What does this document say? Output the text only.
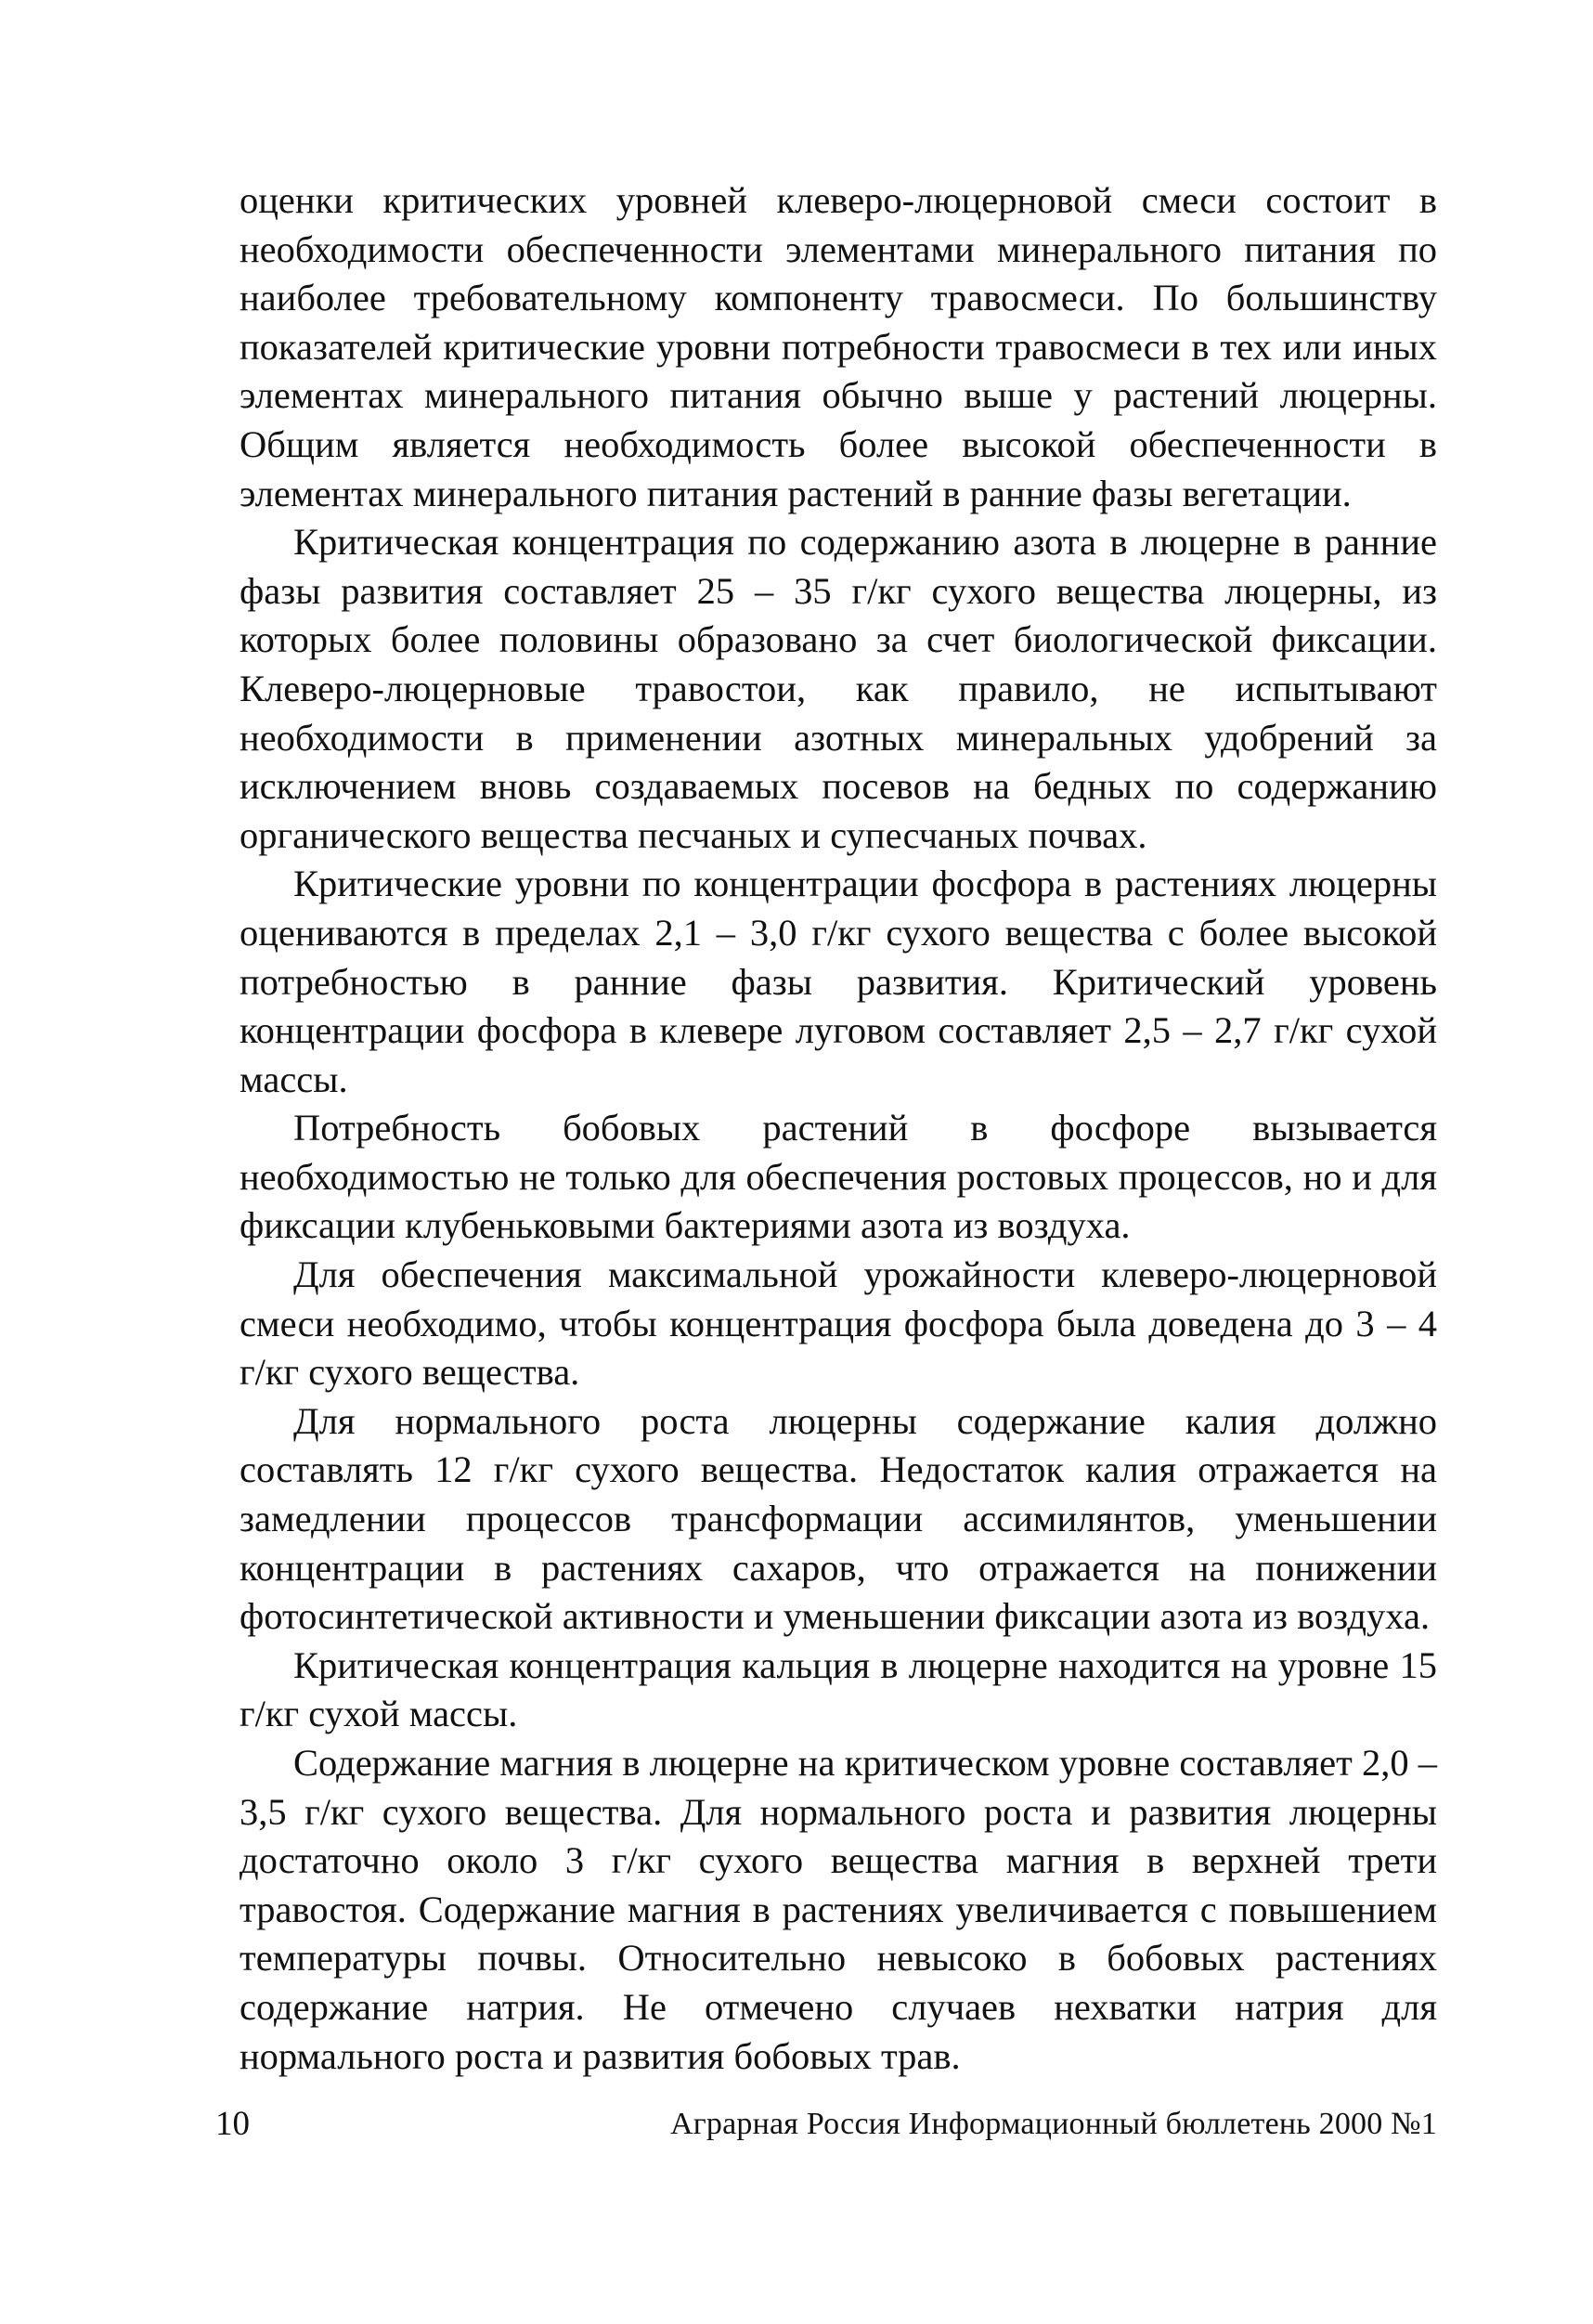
оценки критических уровней клеверо-люцерновой смеси состоит в необходимости обеспеченности элементами минерального питания по наиболее требовательному компоненту травосмеси. По большинству показателей критические уровни потребности травосмеси в тех или иных элементах минерального питания обычно выше у растений люцерны. Общим является необходимость более высокой обеспеченности в элементах минерального питания растений в ранние фазы вегетации.

Критическая концентрация по содержанию азота в люцерне в ранние фазы развития составляет 25 – 35 г/кг сухого вещества люцерны, из которых более половины образовано за счет биологической фиксации. Клеверо-люцерновые травостои, как правило, не испытывают необходимости в применении азотных минеральных удобрений за исключением вновь создаваемых посевов на бедных по содержанию органического вещества песчаных и супесчаных почвах.

Критические уровни по концентрации фосфора в растениях люцерны оцениваются в пределах 2,1 – 3,0 г/кг сухого вещества с более высокой потребностью в ранние фазы развития. Критический уровень концентрации фосфора в клевере луговом составляет 2,5 – 2,7 г/кг сухой массы.

Потребность бобовых растений в фосфоре вызывается необходимостью не только для обеспечения ростовых процессов, но и для фиксации клубеньковыми бактериями азота из воздуха.

Для обеспечения максимальной урожайности клеверо-люцерновой смеси необходимо, чтобы концентрация фосфора была доведена до 3 – 4 г/кг сухого вещества.

Для нормального роста люцерны содержание калия должно составлять 12 г/кг сухого вещества. Недостаток калия отражается на замедлении процессов трансформации ассимилянтов, уменьшении концентрации в растениях сахаров, что отражается на понижении фотосинтетической активности и уменьшении фиксации азота из воздуха.

Критическая концентрация кальция в люцерне находится на уровне 15 г/кг сухой массы.

Содержание магния в люцерне на критическом уровне составляет 2,0 – 3,5 г/кг сухого вещества. Для нормального роста и развития люцерны достаточно около 3 г/кг сухого вещества магния в верхней трети травостоя. Содержание магния в растениях увеличивается с повышением температуры почвы. Относительно невысоко в бобовых растениях содержание натрия. Не отмечено случаев нехватки натрия для нормального роста и развития бобовых трав.

10	Аграрная Россия Информационный бюллетень 2000 №1
